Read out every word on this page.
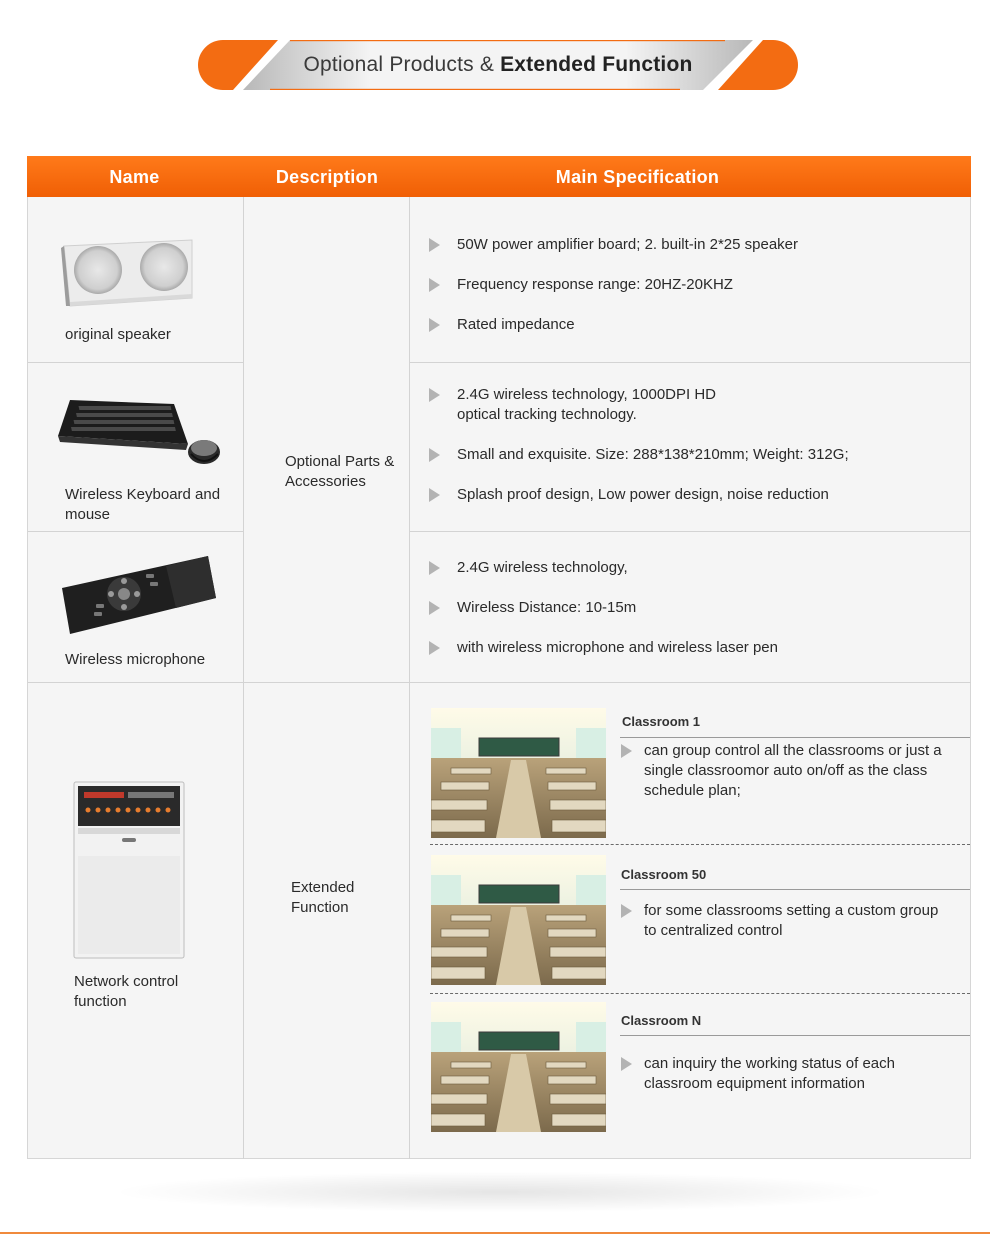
Optional Products & Extended Function
Name	Description	Main Specification
original speaker
50W power amplifier board; 2. built-in 2*25 speaker
Frequency response range: 20HZ-20KHZ
Rated impedance
Wireless Keyboard and mouse
2.4G wireless technology, 1000DPI HD optical tracking technology.
Small and exquisite. Size: 288*138*210mm; Weight: 312G;
Splash proof design, Low power design, noise reduction
Wireless microphone
2.4G wireless technology,
Wireless Distance: 10-15m
with wireless microphone and wireless laser pen
Optional Parts & Accessories
Network control function
Extended Function
Classroom 1
can group control all the classrooms or just a single classroomor auto on/off as the class schedule plan;
Classroom 50
for some classrooms setting a custom group to centralized control
Classroom N
can inquiry the working status of each classroom equipment information
